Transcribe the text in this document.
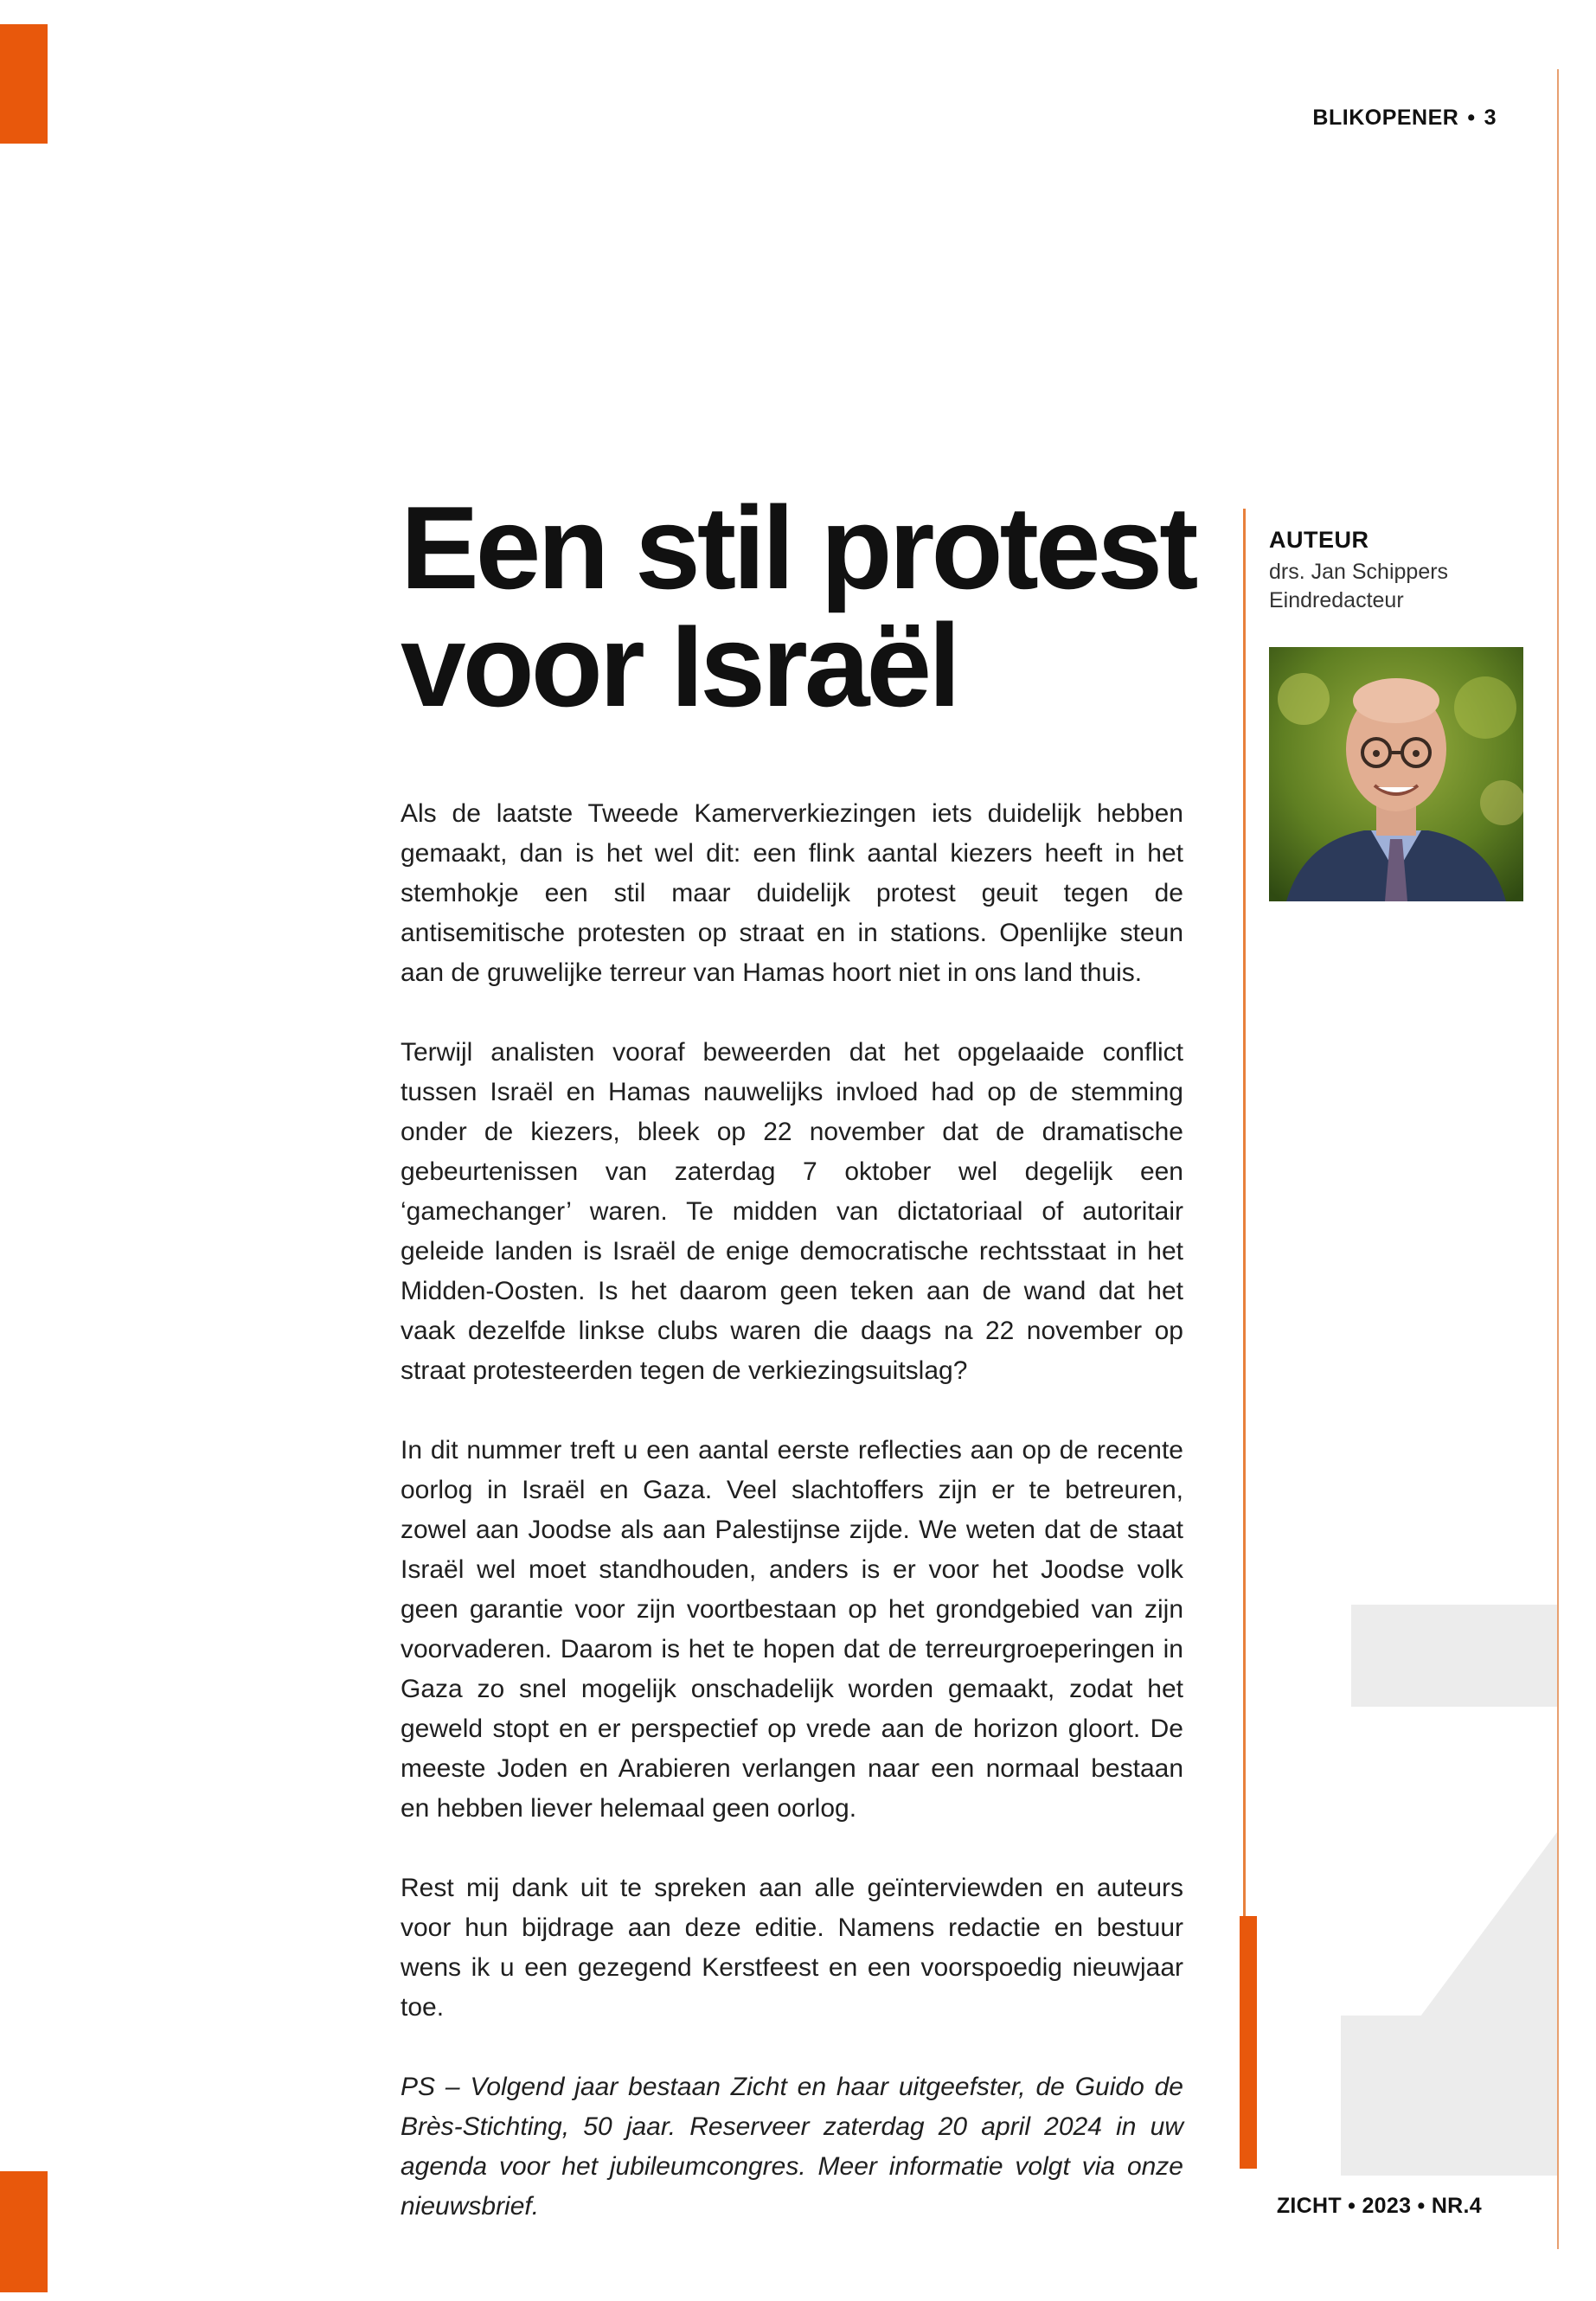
BLIKOPENER • 3
Een stil protest
voor Israël
AUTEUR
drs. Jan Schippers
Eindredacteur

Als de laatste Tweede Kamerverkiezingen iets duidelijk hebben gemaakt, dan is het wel dit: een flink aantal kiezers heeft in het stemhokje een stil maar duidelijk protest geuit tegen de antisemitische protesten op straat en in stations. Openlijke steun aan de gruwelijke terreur van Hamas hoort niet in ons land thuis.

Terwijl analisten vooraf beweerden dat het opgelaaide conflict tussen Israël en Hamas nauwelijks invloed had op de stemming onder de kiezers, bleek op 22 november dat de dramatische gebeurtenissen van zaterdag 7 oktober wel degelijk een ‘gamechanger’ waren. Te midden van dictatoriaal of autoritair geleide landen is Israël de enige democratische rechtsstaat in het Midden-Oosten. Is het daarom geen teken aan de wand dat het vaak dezelfde linkse clubs waren die daags na 22 november op straat protesteerden tegen de verkiezingsuitslag?

In dit nummer treft u een aantal eerste reflecties aan op de recente oorlog in Israël en Gaza. Veel slachtoffers zijn er te betreuren, zowel aan Joodse als aan Palestijnse zijde. We weten dat de staat Israël wel moet standhouden, anders is er voor het Joodse volk geen garantie voor zijn voortbestaan op het grondgebied van zijn voorvaderen. Daarom is het te hopen dat de terreurgroeperingen in Gaza zo snel mogelijk onschadelijk worden gemaakt, zodat het geweld stopt en er perspectief op vrede aan de horizon gloort. De meeste Joden en Arabieren verlangen naar een normaal bestaan en hebben liever helemaal geen oorlog.

Rest mij dank uit te spreken aan alle geïnterviewden en auteurs voor hun bijdrage aan deze editie. Namens redactie en bestuur wens ik u een gezegend Kerstfeest en een voorspoedig nieuwjaar toe.

PS – Volgend jaar bestaan Zicht en haar uitgeefster, de Guido de Brès-Stichting, 50 jaar. Reserveer zaterdag 20 april 2024 in uw agenda voor het jubileumcongres. Meer informatie volgt via onze nieuwsbrief.	ZICHT • 2023 • NR.4
